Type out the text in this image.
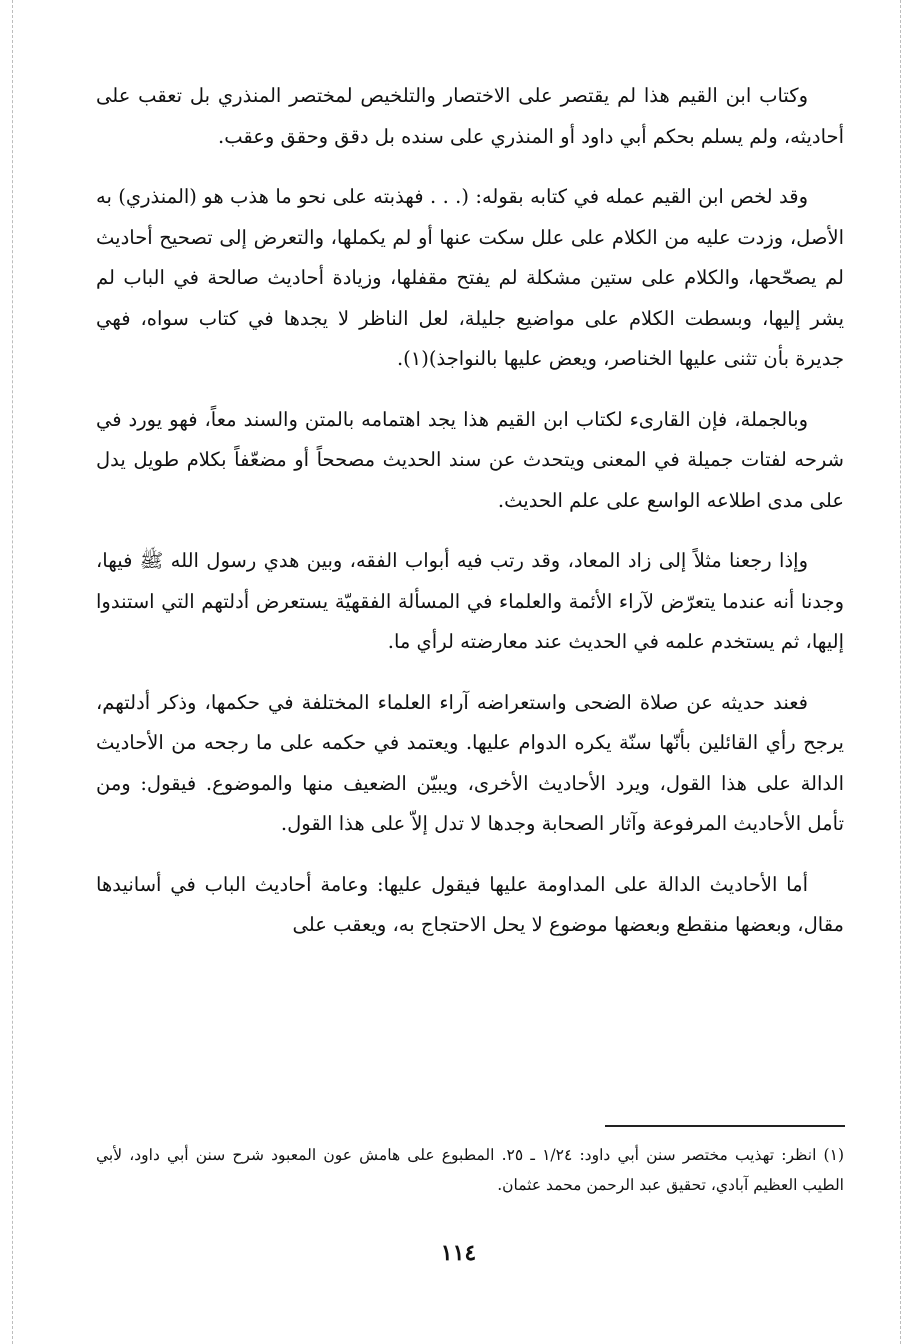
وكتاب ابن القيم هذا لم يقتصر على الاختصار والتلخيص لمختصر المنذري بل تعقب على أحاديثه، ولم يسلم بحكم أبي داود أو المنذري على سنده بل دقق وحقق وعقب.

وقد لخص ابن القيم عمله في كتابه بقوله: (. . . فهذبته على نحو ما هذب هو (المنذري) به الأصل، وزدت عليه من الكلام على علل سكت عنها أو لم يكملها، والتعرض إلى تصحيح أحاديث لم يصحّحها، والكلام على ستين مشكلة لم يفتح مقفلها، وزيادة أحاديث صالحة في الباب لم يشر إليها، وبسطت الكلام على مواضيع جليلة، لعل الناظر لا يجدها في كتاب سواه، فهي جديرة بأن تثنى عليها الخناصر، ويعض عليها بالنواجذ)(١).

وبالجملة، فإن القارىء لكتاب ابن القيم هذا يجد اهتمامه بالمتن والسند معاً، فهو يورد في شرحه لفتات جميلة في المعنى ويتحدث عن سند الحديث مصححاً أو مضعّفاً بكلام طويل يدل على مدى اطلاعه الواسع على علم الحديث.

وإذا رجعنا مثلاً إلى زاد المعاد، وقد رتب فيه أبواب الفقه، وبين هدي رسول الله ﷺ فيها، وجدنا أنه عندما يتعرّض لآراء الأئمة والعلماء في المسألة الفقهيّة يستعرض أدلتهم التي استندوا إليها، ثم يستخدم علمه في الحديث عند معارضته لرأي ما.

فعند حديثه عن صلاة الضحى واستعراضه آراء العلماء المختلفة في حكمها، وذكر أدلتهم، يرجح رأي القائلين بأنّها سنّة يكره الدوام عليها. ويعتمد في حكمه على ما رجحه من الأحاديث الدالة على هذا القول، ويرد الأحاديث الأخرى، ويبيّن الضعيف منها والموضوع. فيقول: ومن تأمل الأحاديث المرفوعة وآثار الصحابة وجدها لا تدل إلاّ على هذا القول.

أما الأحاديث الدالة على المداومة عليها فيقول عليها: وعامة أحاديث الباب في أسانيدها مقال، وبعضها منقطع وبعضها موضوع لا يحل الاحتجاج به، ويعقب على

(١) انظر: تهذيب مختصر سنن أبي داود: ١/٢٤ ـ ٢٥. المطبوع على هامش عون المعبود شرح سنن أبي داود، لأبي الطيب العظيم آبادي، تحقيق عبد الرحمن محمد عثمان.
١١٤
